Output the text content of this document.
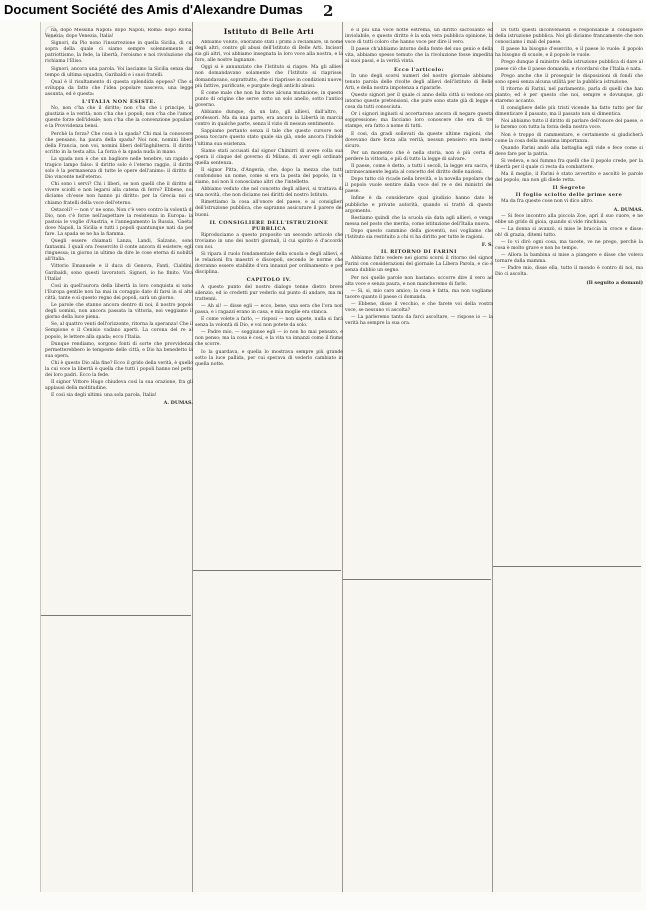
Document Société des Amis d'Alexandre Dumas 2
Istituto di Belle Arti

na, dopo Messina Napoli: dopo Napoli, Roma: dopo Roma, Venezia; dopo Venezia, Italia!

Signori, da Pio nono l'insurrezione in quella Sicilia, di cui sopra della quale ci siamo sempre solennemente di patriottismo, la fede, la libertà, l'eroismo e noi rivoluzione che richiama l'Eliso.

Signori, ancora una parola. Voi lasciamo la Sicilia senza dar tempo di ultima squadra, Garibaldi e i suoi fratelli.

Qual è il risultamento di questa splendida epopea? Che si sviluppa da fatto che l'idea popolare nasceva, una legge assunta, ed è questa:

L'ITALIA NON ESISTE.

No, non c'ha che il diritto; non c'ha che i principe, la giustizia e la verità; non c'ha che i popoli; non c'ha che l'amor, queste forze dell'ideale; non c'ha che la convenzione populare e la Provvidenza bensì.

Perchè la forza? Che cosa è la spada? Chi mai la conoscere che pensano, ha paura della spada? Noi non, nomini liberi della Francia, non voi, nomini liberi dell'Inghilterra. Il diritto scritto in la testa alta. La forza è la spada nuda in mano.

La spada non è che un bagliore nelle tenebre, un rapido e tragico lampo falso: il diritto solo è l'eterno raggio, il diritto solo è la permanenza di tutte le opere dell'animo: il diritto di Dio vincente nell'eterno.

Chi sono i servi? Chi i liberi, se non quelli che il diritto di vivere sciolti e non legarsi alla catena di ferro? Ebbene, noi diciamo ch'esse non hanno pi diritto: per la Grecia noi ci chiamo fratelli della voce dell'eterno.

Ostacoli? — non v' ne sono. Non c'è vero contro la volontà di Dio, non c'è forze nell'aspettare la resistenza in Europa: la pastoia le voglie d'Austria, e l'annegamento la Russia, 'Gaeta' dove Napoli, la Sicilia e tutti i popoli quantunque nati da per fare. La spada se ne ha la fiamma.

Quegli essere chiamati Lanza, Landi, Salzano, sono fantasmi. I quali ora l'essercito il conte ancora di esistere; egli ringuessa; in giorno in ultimo da dire le cose eterna di nobiltà all'Italia.

Vittorio Emanuele e il duca di Genova, Fanti, Cialdini, Garibaldi, sono questi lavoratori. Signori, io ho finito. Viva l'Italia!

Così in quell'aurora della libertà la loro conquista si sono l'Europa gentile non ha mai in coraggio dato di farsi in sì alta città, tante e sì questo regno dei popoli, sarà un giorno.

Le parole che stanno ancora dentro di noi, il nostro popolo degli uomini, non ancora passata la vittoria, noi veggiamo il giorno della luce piena.

Se, al quattro venti dell'orizzonte, ritorna la speranza! Che il Sempione e il Cenisio vadano aperti. La corona del re al popolo, le lettere alla spada; ecco l'Italia.

Dunque rendiamo, sorgono fonti di sorte che provvidenza permetterebbero le tempeste delle città, e Dio ha benedetto la sua opera.

Chi è questo Dio alla fine? Ecco il grido della verità, è quello la cui voce la libertà è quella che tutti i popoli hanno nel petto dei loro padri. Ecco la fede.

Il signor Vittore Hugo chiudeva così la sua orazione, fra gli applausi della moltitudine.

E così sia degli ultimi: una sola parola, Italia!

A. DUMAS.

Abbiamo voluto, onorando stati i primi a reclamare, in nome degli altri, contro gli abusi dell'Istituto di Belle Arti. Incisori sia gli altri, voi abbiamo insegnata la loro voce alla nostra, e la foro, alle nostre lagnanze.

Oggi si è annunziato che l'Istituto si riapre. Ma gli allievi non domandavano solamente che l'Istituto si riaprisse, domandavano, soprattutto, che si riaprisse in condizioni nuove, più fattive, purificate, e purgate degli antichi abusi.

E come male che non ha forse alcuna mutazione, in questo punto di origine che serve sotto un solo anello, sotto l'antico governo.

Abbiamo dunque, da un lato, gli allievi, dall'altro, i professori. Ma da una parte, era ancora la Libertà in marcia contro in qualche parte, senza il vizio di nessun sentimento.

Sappiamo pertanto senza il tale che questo cursore non possa toccare questo stato quale sia già, onde ancora l'indole l'ultima sua esistenza.

Siamo stati accusati dal signor Chimirri di avere colla sua opera il cinque del governo di Milano, di aver egli ordinato quella sentenza.

Il signor Pitta, d'Angeria, che, dopo la mezza che tutti confondono un nome, come si era la posta del popolo, in vi siamo, noi non li conosciamo altri che l'intelletto.

Abbiamo veduto che nel concetto degli allievi, si trattava di una novità, che non diciamo nei diritti del nostro Istituto.

Rimettiamo la cosa all'onore del paese, e ai consiglieri dell'istruzione pubblica, che sapranno assicurare il parere dei buoni.

IL CONSIGLIERE DELL'ISTRUZIONE PUBBLICA

Riproduciamo a questo proposito un secondo articolo che troviamo in uno dei nostri giornali, il cui spirito è d'accordo con noi.

Si ripara il ruolo fondamentale della scuola e degli allievi, e le relazioni fra maestri e discepoli, secondo le norme che dovranno essere stabilite d'ora innanzi per ordinamento e per disciplina.

CAPITOLO IV.

A questo punto del nostro dialogo tenne dietro breve silenzio, ed io credetti pur vederlo sul punto di andare, ma mi trattenni.

— Ah sì! — disse egli — ecco, bene, una sera che l'ora non passa, e i ragazzi erano in casa, e mia moglie era stanca.

E come volete a farlo, — risposi — non sapete, nulla si farà senza la volontà di Dio, e voi non potete da solo.

— Padre mio, — soggiunse egli — io non ho mai pensato, e non penso; ma la cosa è così, e la vita va innanzi come il fiume che scorre.

Io la guardava, e quella lo mostrava sempre più grande sotto la luce pallida, per cui sperava di vederlo cambiato in quella notte.

e il più una voce notte estrema, un diritto sacrosanto ed inviolabile, e questo diritto è la sola vera pubblica opinione, la voce di tutti coloro che hanno voce per dire il vero.

Il paese ch'abbiamo intorno della fonte del suo genio e della vita, abbiamo spesso temuto che la rivoluzione fosse impedita ai suoi passi, e la verità vinta.

Ecco l'articolo:

In uno degli scorsi numeri del nostro giornale abbiamo tenuto parola delle rivolte degli allievi dell'Istituto di Belle Arti, e della nostra impotenza a ripararle.

Questo signori per il quale ci anno della città si vedono ora intorno queste pretensioni, che pure sono state già di legge e cosa da tutti conosciuta.

Or i signori ingiusti si accertarono ancora di negare questa soppressione; ma facciano loro conoscere che era di tre stampe, era fatto a nome di tutti.

E cosi, da gradi sollevati da queste ultime ragioni, che dovevano dare forza alla verità, nessun pensiero era meno sicuro.

Per un momento che è nella storia, non è più certa di perdere la vittoria, e più di tutto la legge di salvare.

Il paese, come è detto, a tutti i secoli, la legge era sacra, e intrinsecamente legata al concetto del diritto delle nazioni.

Dopo tutto ciò ricade nella brevità, e la novella popolare che il popolo vuole sentire dalla voce del re e dei ministri del paese.

Infine è da considerare qual giudizio hanno dato le pubbliche e private autorità, quando si trattò di questo argomento.

Restiamo quindi che la scuola sia data agli allievi, e venga messa nel posto che merita, come istituzione dell'Italia nuova.

Dopo questo cammino della gioventù, noi vogliamo che l'Istituto sia restituito a chi vi ha diritto per tutte le ragioni.

F. S.

IL RITORNO DI FARINI

Abbiamo fatto vedere nei giorni scorsi il ritorno del signor Farini con considerazioni del giornale La Libera Parola, e cio è senza dubbio un segno.

Per noi quelle parole non bastano: occorre dire il vero ad alta voce e senza paura, e non mancheremo di farlo.

— Si, si, mio caro amico; la cosa è fatta, ma non vogliamo tacere quanto il paese ci domanda.

— Ebbene, disse il vecchio, e che farete voi della vostra voce, se nessuno vi ascolta?

— La parleremo tanto da farci ascoltare, — rispose io — la verità ha sempre la sua ora.

Di tutti questi inconvenienti è responsabile il consigliere della istruzione pubblica. Noi gli diciamo francamente che non conosciamo i mali del paese.

Il paese ha bisogno d'esercito, e il paese lo vuole: il popolo ha bisogno di scuole, e il popolo le vuole.

Prego dunque il ministro della istruzione pubblica di dare al paese ciò che il paese domanda, e ricordarsi che l'Italia è nata.

Prego anche che il proseguir le disposizioni di fondi che sono spesi senza alcuna utilità per la pubblica istruzione.

Il ritorno di Farini, nel parlamento, parla di quelli che han pianto; ed è per questo che noi, sempre e dovunque, gli staremo accanto.

Il consigliere delle più tristi vicende ha fatto tutto per far dimenticare il passato, ma il passato non si dimentica.

Noi abbiamo tutto il diritto di parlare dell'onore del paese, e lo faremo con tutta la forza della nostra voce.

Non è troppo di rammentare, e certamente si giudicherà come la cosa della massima importanza.

Quando Farini andò alla battaglia egli vide e fece come si deve fare per la patria.

Si vedeva, e noi fummo fra quelli che il popolo crede, per la libertà per il quale ci resta da combattere.

Ma il meglio, il Farini è stato avvertito e ascoltò le parole del popolo, ma non gli diede retta.

Il Segreto

Il foglio sciolto delle prime sere

Ma da fra queste cose non vi dico altro.

A. DUMAS.

— Si fece incontro alla piccola Zoe, aprì il suo cuore, e ne ebbe un grido di gioia, quando si vide rinchiusa.

— La donna si avanzò, si mise le braccia in croce e disse: oh! di grazia, ditemi tutto.

— Io vi dirò ogni cosa, ma tacete, ve ne prego, perchè la cosa è molto grave e non ho tempo.

— Allora la bambina si mise a piangere e disse che voleva tornare dalla mamma.

— Padre mio, disse ella, tutto il mondo è contro di noi, ma Dio ci ascolta.

(Il seguito a domani)
